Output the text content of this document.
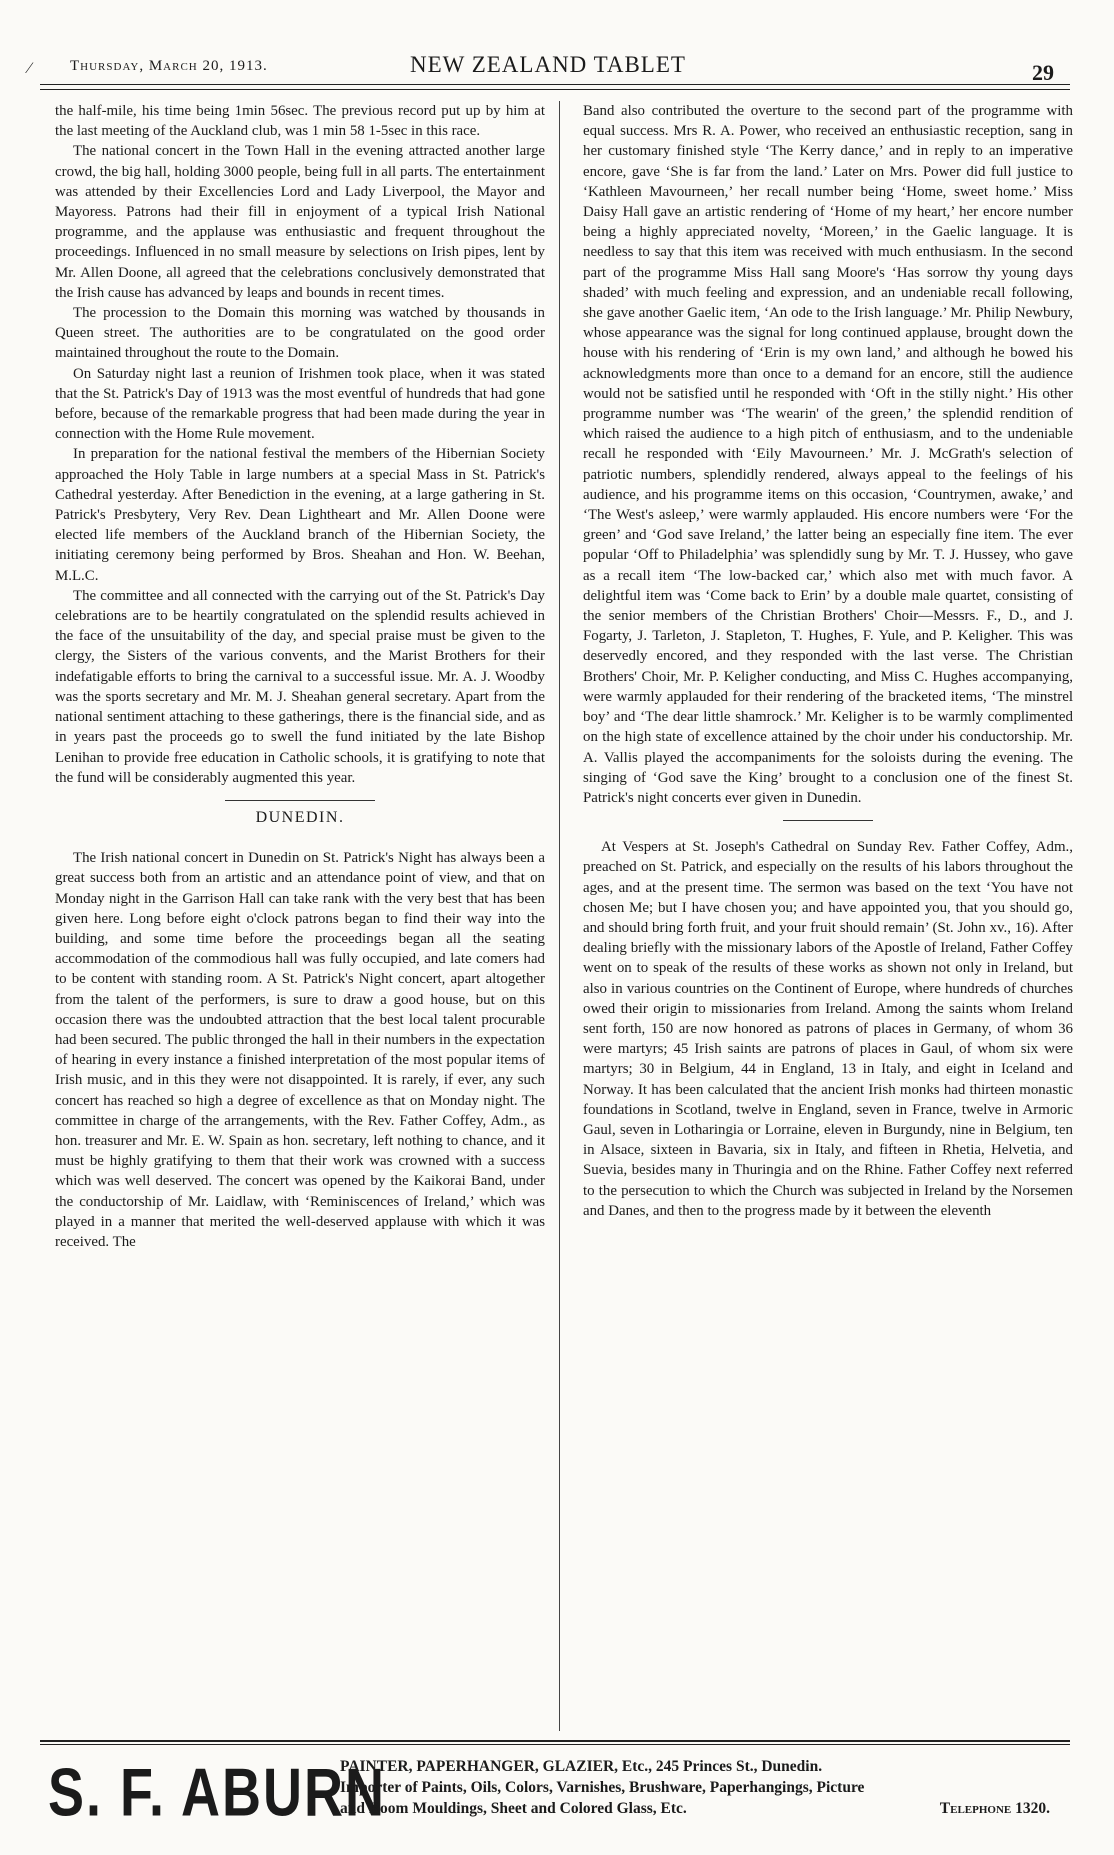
⁄	Thursday, March 20, 1913.	NEW ZEALAND TABLET	29

the half-mile, his time being 1min 56sec. The previous record put up by him at the last meeting of the Auckland club, was 1 min 58 1-5sec in this race.

The national concert in the Town Hall in the evening attracted another large crowd, the big hall, holding 3000 people, being full in all parts. The entertainment was attended by their Excellencies Lord and Lady Liverpool, the Mayor and Mayoress. Patrons had their fill in enjoyment of a typical Irish National programme, and the applause was enthusiastic and frequent throughout the proceedings. Influenced in no small measure by selections on Irish pipes, lent by Mr. Allen Doone, all agreed that the celebrations conclusively demonstrated that the Irish cause has advanced by leaps and bounds in recent times.

The procession to the Domain this morning was watched by thousands in Queen street. The authorities are to be congratulated on the good order maintained throughout the route to the Domain.

On Saturday night last a reunion of Irishmen took place, when it was stated that the St. Patrick's Day of 1913 was the most eventful of hundreds that had gone before, because of the remarkable progress that had been made during the year in connection with the Home Rule movement.

In preparation for the national festival the members of the Hibernian Society approached the Holy Table in large numbers at a special Mass in St. Patrick's Cathedral yesterday. After Benediction in the evening, at a large gathering in St. Patrick's Presbytery, Very Rev. Dean Lightheart and Mr. Allen Doone were elected life members of the Auckland branch of the Hibernian Society, the initiating ceremony being performed by Bros. Sheahan and Hon. W. Beehan, M.L.C.

The committee and all connected with the carrying out of the St. Patrick's Day celebrations are to be heartily congratulated on the splendid results achieved in the face of the unsuitability of the day, and special praise must be given to the clergy, the Sisters of the various convents, and the Marist Brothers for their indefatigable efforts to bring the carnival to a successful issue. Mr. A. J. Woodby was the sports secretary and Mr. M. J. Sheahan general secretary. Apart from the national sentiment attaching to these gatherings, there is the financial side, and as in years past the proceeds go to swell the fund initiated by the late Bishop Lenihan to provide free education in Catholic schools, it is gratifying to note that the fund will be considerably augmented this year.

DUNEDIN.

The Irish national concert in Dunedin on St. Patrick's Night has always been a great success both from an artistic and an attendance point of view, and that on Monday night in the Garrison Hall can take rank with the very best that has been given here. Long before eight o'clock patrons began to find their way into the building, and some time before the proceedings began all the seating accommodation of the commodious hall was fully occupied, and late comers had to be content with standing room. A St. Patrick's Night concert, apart altogether from the talent of the performers, is sure to draw a good house, but on this occasion there was the undoubted attraction that the best local talent procurable had been secured. The public thronged the hall in their numbers in the expectation of hearing in every instance a finished interpretation of the most popular items of Irish music, and in this they were not disappointed. It is rarely, if ever, any such concert has reached so high a degree of excellence as that on Monday night. The committee in charge of the arrangements, with the Rev. Father Coffey, Adm., as hon. treasurer and Mr. E. W. Spain as hon. secretary, left nothing to chance, and it must be highly gratifying to them that their work was crowned with a success which was well deserved. The concert was opened by the Kaikorai Band, under the conductorship of Mr. Laidlaw, with ‘Reminiscences of Ireland,’ which was played in a manner that merited the well-deserved applause with which it was received. The

Band also contributed the overture to the second part of the programme with equal success. Mrs R. A. Power, who received an enthusiastic reception, sang in her customary finished style ‘The Kerry dance,’ and in reply to an imperative encore, gave ‘She is far from the land.’ Later on Mrs. Power did full justice to ‘Kathleen Mavourneen,’ her recall number being ‘Home, sweet home.’ Miss Daisy Hall gave an artistic rendering of ‘Home of my heart,’ her encore number being a highly appreciated novelty, ‘Moreen,’ in the Gaelic language. It is needless to say that this item was received with much enthusiasm. In the second part of the programme Miss Hall sang Moore's ‘Has sorrow thy young days shaded’ with much feeling and expression, and an undeniable recall following, she gave another Gaelic item, ‘An ode to the Irish language.’ Mr. Philip Newbury, whose appearance was the signal for long continued applause, brought down the house with his rendering of ‘Erin is my own land,’ and although he bowed his acknowledgments more than once to a demand for an encore, still the audience would not be satisfied until he responded with ‘Oft in the stilly night.’ His other programme number was ‘The wearin' of the green,’ the splendid rendition of which raised the audience to a high pitch of enthusiasm, and to the undeniable recall he responded with ‘Eily Mavourneen.’ Mr. J. McGrath's selection of patriotic numbers, splendidly rendered, always appeal to the feelings of his audience, and his programme items on this occasion, ‘Countrymen, awake,’ and ‘The West's asleep,’ were warmly applauded. His encore numbers were ‘For the green’ and ‘God save Ireland,’ the latter being an especially fine item. The ever popular ‘Off to Philadelphia’ was splendidly sung by Mr. T. J. Hussey, who gave as a recall item ‘The low-backed car,’ which also met with much favor. A delightful item was ‘Come back to Erin’ by a double male quartet, consisting of the senior members of the Christian Brothers' Choir—Messrs. F., D., and J. Fogarty, J. Tarleton, J. Stapleton, T. Hughes, F. Yule, and P. Keligher. This was deservedly encored, and they responded with the last verse. The Christian Brothers' Choir, Mr. P. Keligher conducting, and Miss C. Hughes accompanying, were warmly applauded for their rendering of the bracketed items, ‘The minstrel boy’ and ‘The dear little shamrock.’ Mr. Keligher is to be warmly complimented on the high state of excellence attained by the choir under his conductorship. Mr. A. Vallis played the accompaniments for the soloists during the evening. The singing of ‘God save the King’ brought to a conclusion one of the finest St. Patrick's night concerts ever given in Dunedin.

At Vespers at St. Joseph's Cathedral on Sunday Rev. Father Coffey, Adm., preached on St. Patrick, and especially on the results of his labors throughout the ages, and at the present time. The sermon was based on the text ‘You have not chosen Me; but I have chosen you; and have appointed you, that you should go, and should bring forth fruit, and your fruit should remain’ (St. John xv., 16). After dealing briefly with the missionary labors of the Apostle of Ireland, Father Coffey went on to speak of the results of these works as shown not only in Ireland, but also in various countries on the Continent of Europe, where hundreds of churches owed their origin to missionaries from Ireland. Among the saints whom Ireland sent forth, 150 are now honored as patrons of places in Germany, of whom 36 were martyrs; 45 Irish saints are patrons of places in Gaul, of whom six were martyrs; 30 in Belgium, 44 in England, 13 in Italy, and eight in Iceland and Norway. It has been calculated that the ancient Irish monks had thirteen monastic foundations in Scotland, twelve in England, seven in France, twelve in Armoric Gaul, seven in Lotharingia or Lorraine, eleven in Burgundy, nine in Belgium, ten in Alsace, sixteen in Bavaria, six in Italy, and fifteen in Rhetia, Helvetia, and Suevia, besides many in Thuringia and on the Rhine. Father Coffey next referred to the persecution to which the Church was subjected in Ireland by the Norsemen and Danes, and then to the progress made by it between the eleventh

S. F. ABURN
PAINTER, PAPERHANGER, GLAZIER, Etc., 245 Princes St., Dunedin.
Importer of Paints, Oils, Colors, Varnishes, Brushware, Paperhangings, Picture
and Room Mouldings, Sheet and Colored Glass, Etc.	Telephone 1320.
